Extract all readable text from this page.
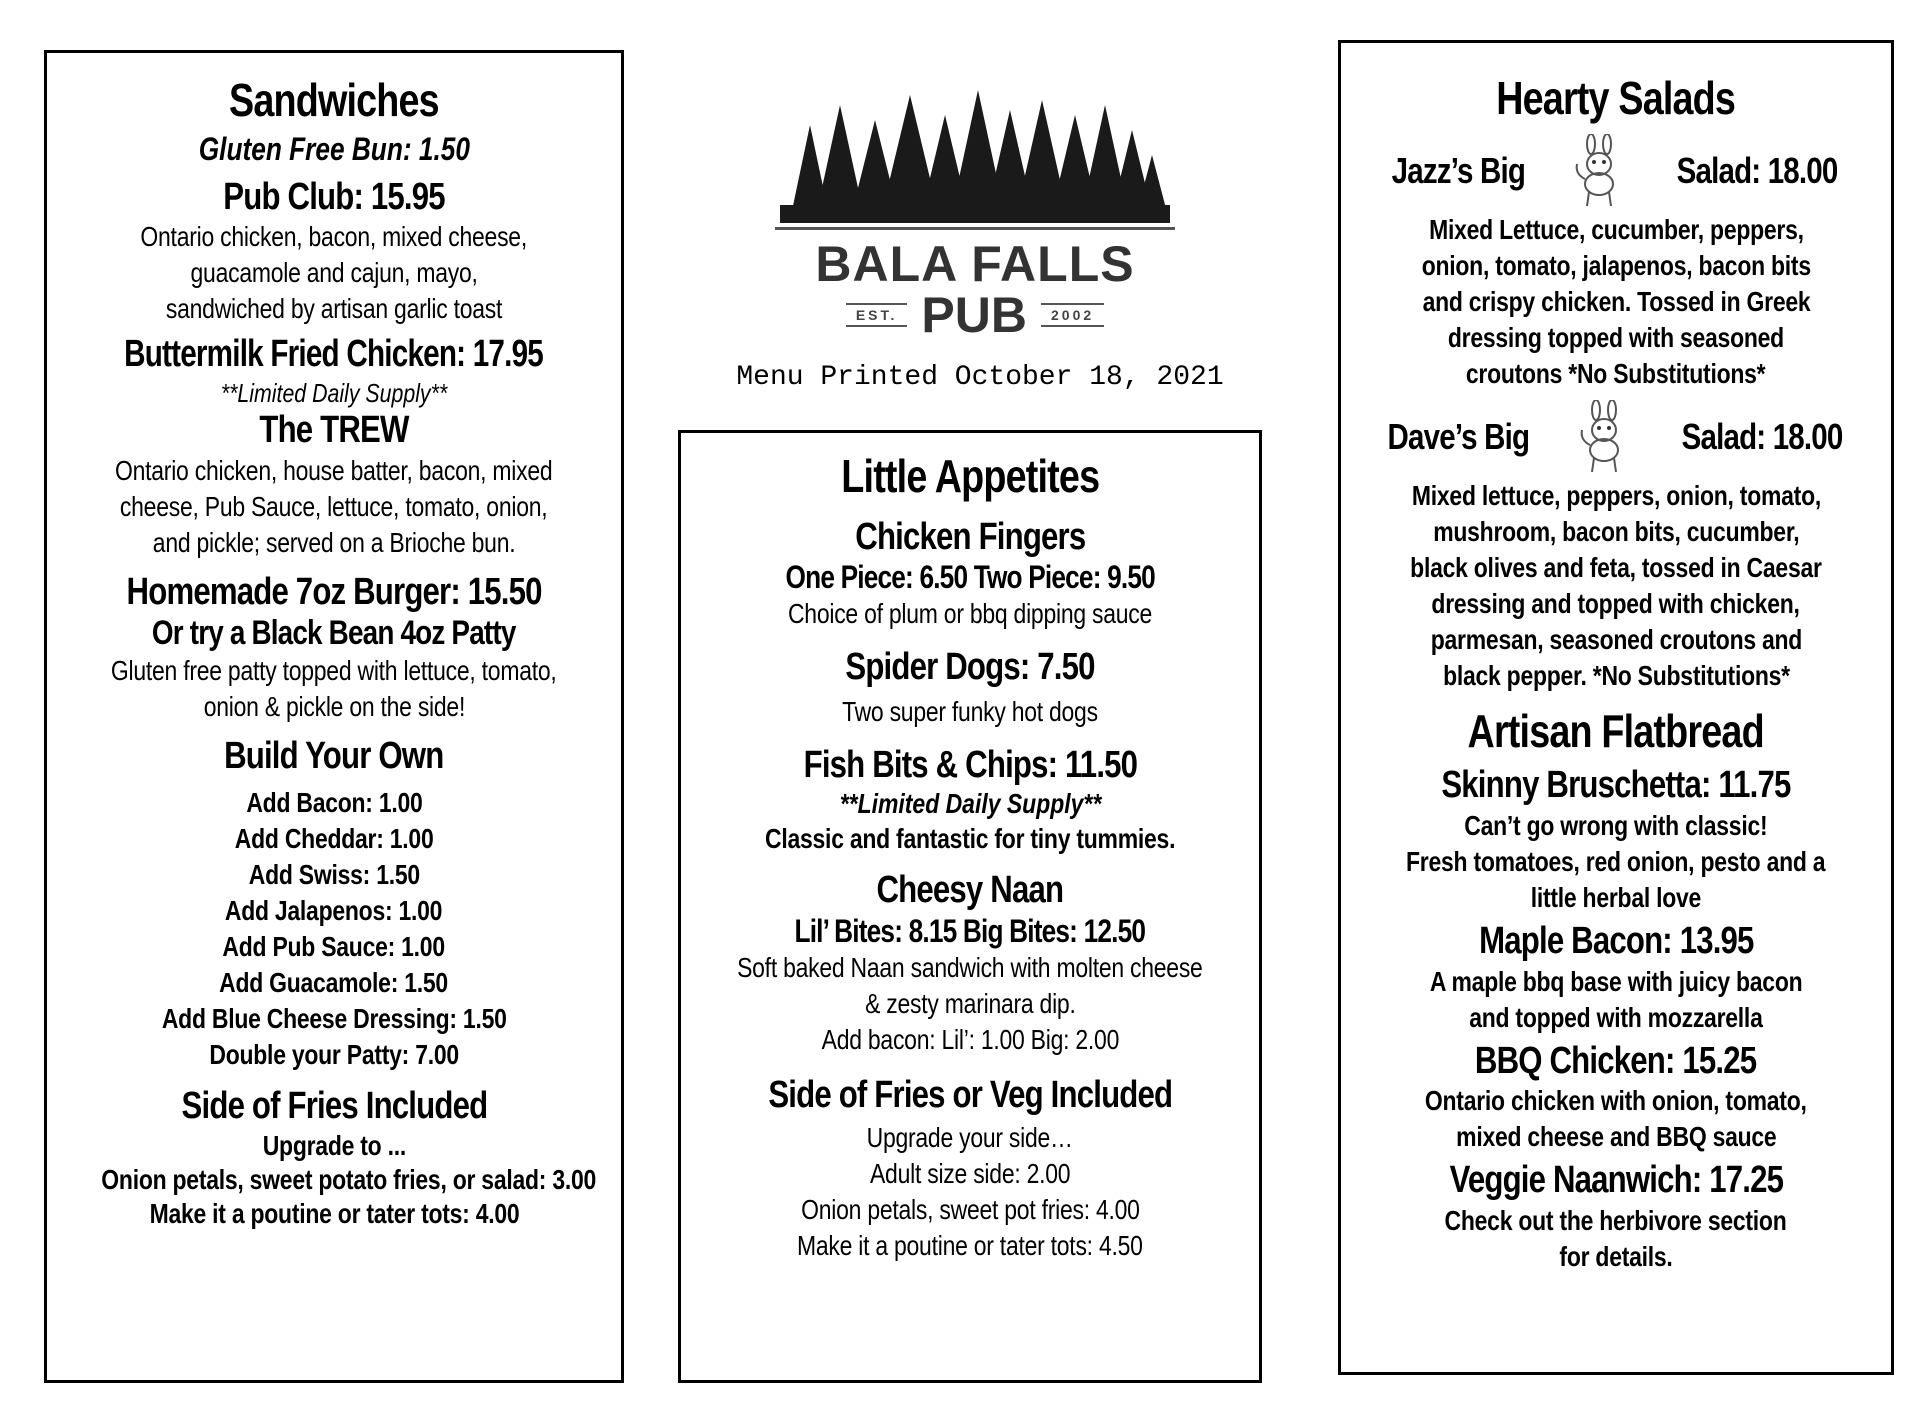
Sandwiches
Gluten Free Bun: 1.50
Pub Club: 15.95
Ontario chicken, bacon, mixed cheese,
guacamole and cajun, mayo,
sandwiched by artisan garlic toast
Buttermilk Fried Chicken: 17.95
**Limited Daily Supply**
The TREW
Ontario chicken, house batter, bacon, mixed
cheese, Pub Sauce, lettuce, tomato, onion,
and pickle; served on a Brioche bun.
Homemade 7oz Burger: 15.50
Or try a Black Bean 4oz Patty
Gluten free patty topped with lettuce, tomato,
onion & pickle on the side!
Build Your Own
Add Bacon: 1.00
Add Cheddar: 1.00
Add Swiss: 1.50
Add Jalapenos: 1.00
Add Pub Sauce: 1.00
Add Guacamole: 1.50
Add Blue Cheese Dressing: 1.50
Double your Patty: 7.00
Side of Fries Included
Upgrade to ...
Onion petals, sweet potato fries, or salad: 3.00
Make it a poutine or tater tots: 4.00
BALA FALLS
EST. PUB	2002
Menu Printed October 18, 2021
Little Appetites
Chicken Fingers
One Piece: 6.50 Two Piece: 9.50
Choice of plum or bbq dipping sauce
Spider Dogs: 7.50
Two super funky hot dogs
Fish Bits & Chips: 11.50
**Limited Daily Supply**
Classic and fantastic for tiny tummies.
Cheesy Naan
Lil’ Bites: 8.15 Big Bites: 12.50
Soft baked Naan sandwich with molten cheese
& zesty marinara dip.
Add bacon: Lil’: 1.00 Big: 2.00
Side of Fries or Veg Included
Upgrade your side…
Adult size side: 2.00
Onion petals, sweet pot fries: 4.00
Make it a poutine or tater tots: 4.50
Hearty Salads
Jazz’s Big	Salad: 18.00
Mixed Lettuce, cucumber, peppers,
onion, tomato, jalapenos, bacon bits
and crispy chicken. Tossed in Greek
dressing topped with seasoned
croutons *No Substitutions*
Dave’s Big	Salad: 18.00
Mixed lettuce, peppers, onion, tomato,
mushroom, bacon bits, cucumber,
black olives and feta, tossed in Caesar
dressing and topped with chicken,
parmesan, seasoned croutons and
black pepper. *No Substitutions*
Artisan Flatbread
Skinny Bruschetta: 11.75
Can’t go wrong with classic!
Fresh tomatoes, red onion, pesto and a
little herbal love
Maple Bacon: 13.95
A maple bbq base with juicy bacon
and topped with mozzarella
BBQ Chicken: 15.25
Ontario chicken with onion, tomato,
mixed cheese and BBQ sauce
Veggie Naanwich: 17.25
Check out the herbivore section
for details.
